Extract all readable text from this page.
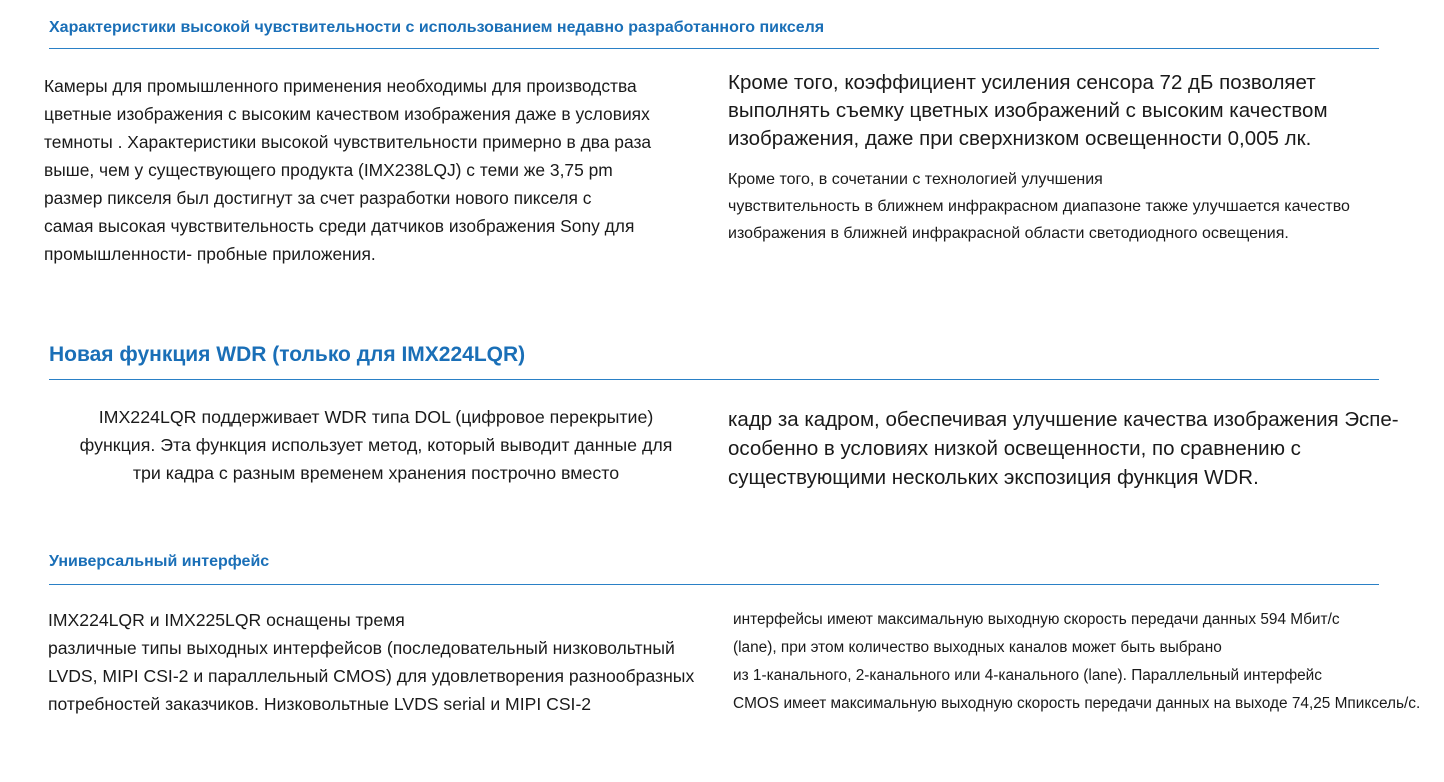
Характеристики высокой чувствительности с использованием недавно разработанного пикселя
Камеры для промышленного применения необходимы для производства
цветные изображения с высоким качеством изображения даже в условиях
темноты . Характеристики высокой чувствительности примерно в два раза
выше, чем у существующего продукта (IMX238LQJ) с теми же 3,75 pm
размер пикселя был достигнут за счет разработки нового пикселя с
самая высокая чувствительность среди датчиков изображения Sony для
промышленности- пробные приложения.
Кроме того, коэффициент усиления сенсора 72 дБ позволяет
выполнять съемку цветных изображений с высоким качеством
изображения, даже при сверхнизком освещенности 0,005 лк.
Кроме того, в сочетании с технологией улучшения
чувствительность в ближнем инфракрасном диапазоне также улучшается качество
изображения в ближней инфракрасной области светодиодного освещения.
Новая функция WDR (только для IMX224LQR)
IMX224LQR поддерживает WDR типа DOL (цифровое перекрытие)
функция. Эта функция использует метод, который выводит данные для
три кадра с разным временем хранения построчно вместо
кадр за кадром, обеспечивая улучшение качества изображения Эспе-
особенно в условиях низкой освещенности, по сравнению с
существующими нескольких экспозиция функция WDR.
Универсальный интерфейс
IMX224LQR и IMX225LQR оснащены тремя
различные типы выходных интерфейсов (последовательный низковольтный
LVDS, MIPI CSI-2 и параллельный CMOS) для удовлетворения разнообразных
потребностей заказчиков. Низковольтные LVDS serial и MIPI CSI-2
интерфейсы имеют максимальную выходную скорость передачи данных 594 Мбит/с
(lane), при этом количество выходных каналов может быть выбрано
из 1-канального, 2-канального или 4-канального (lane). Параллельный интерфейс
CMOS имеет максимальную выходную скорость передачи данных на выходе 74,25 Мпиксель/с.
